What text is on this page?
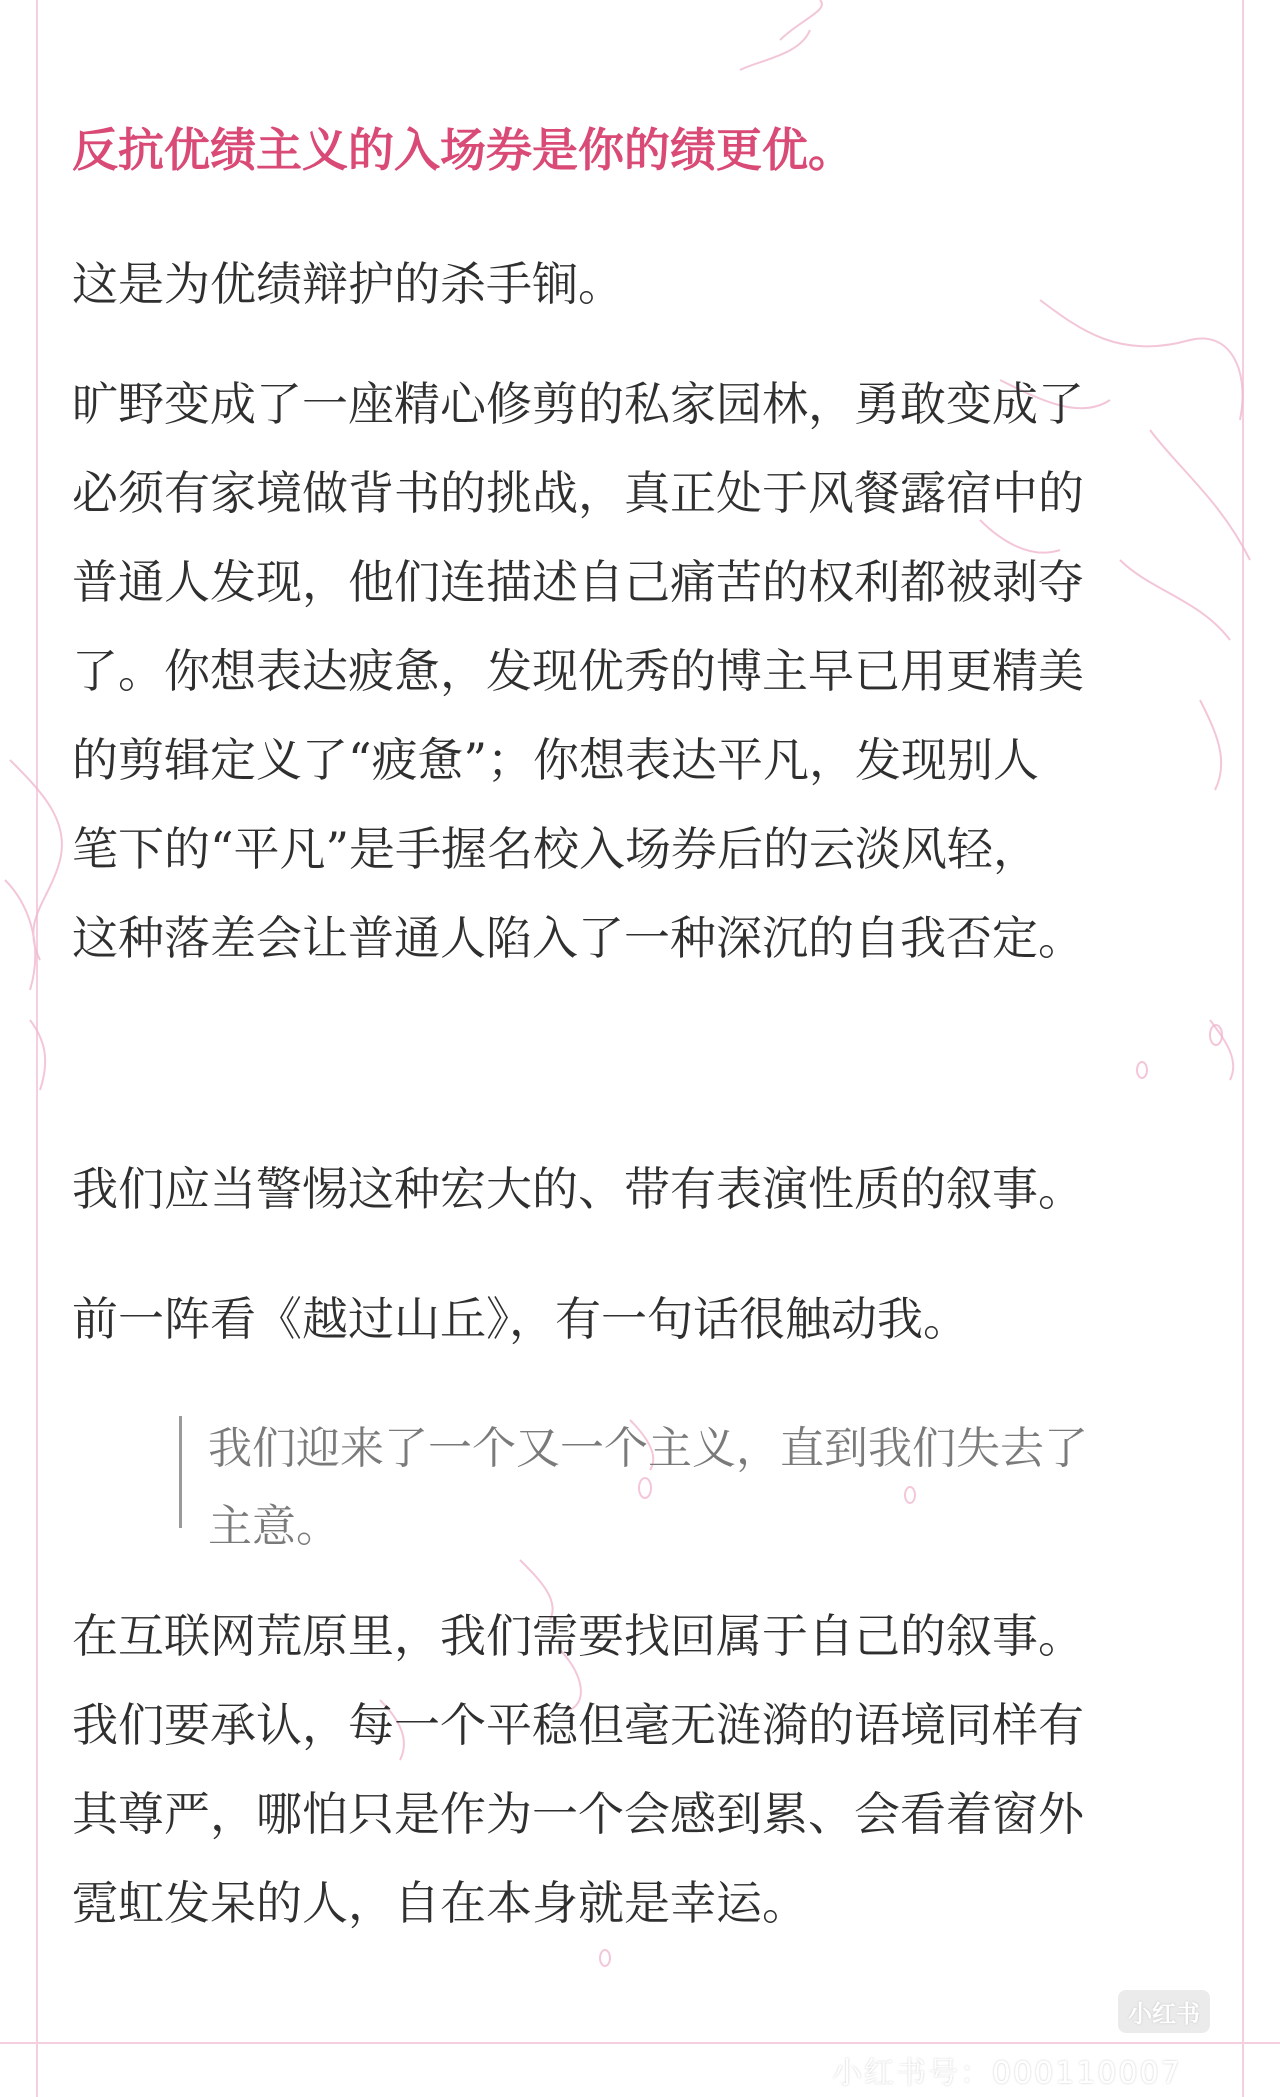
反抗优绩主义的入场券是你的绩更优。
这是为优绩辩护的杀手锏。
旷野变成了一座精心修剪的私家园林，勇敢变成了
必须有家境做背书的挑战，真正处于风餐露宿中的
普通人发现，他们连描述自己痛苦的权利都被剥夺
了。你想表达疲惫，发现优秀的博主早已用更精美
的剪辑定义了“疲惫”；你想表达平凡，发现别人
笔下的“平凡”是手握名校入场券后的云淡风轻，
这种落差会让普通人陷入了一种深沉的自我否定。
我们应当警惕这种宏大的、带有表演性质的叙事。
前一阵看《越过山丘》，有一句话很触动我。
我们迎来了一个又一个主义，直到我们失去了
主意。
在互联网荒原里，我们需要找回属于自己的叙事。
我们要承认，每一个平稳但毫无涟漪的语境同样有
其尊严，哪怕只是作为一个会感到累、会看着窗外
霓虹发呆的人，自在本身就是幸运。
小红书
小红书号：000110007
